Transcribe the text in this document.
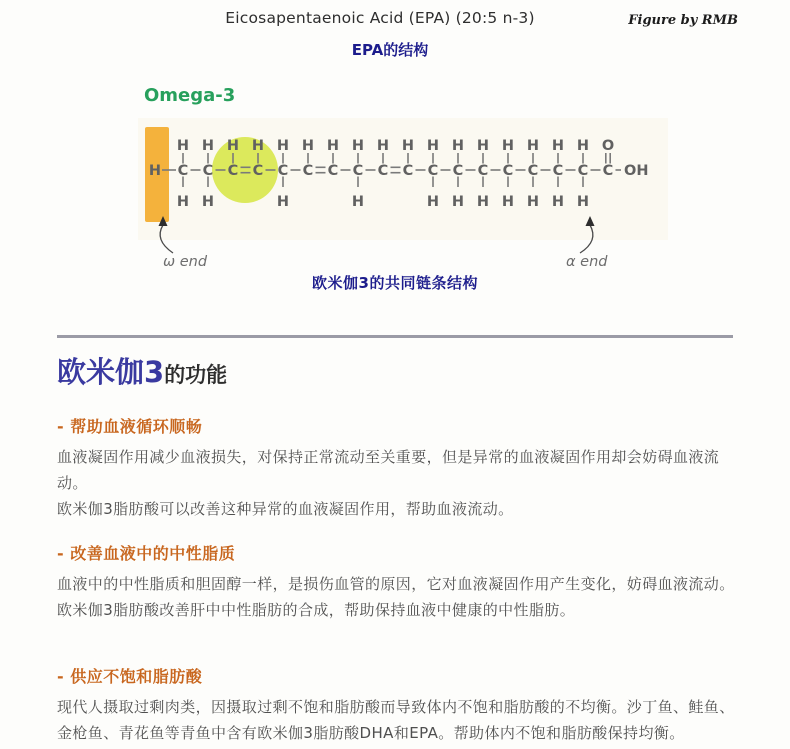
Eicosapentaenoic Acid (EPA) (20:5 n-3)	Figure by RMB
EPA的结构
Omega-3
H C
H
H
C
H
H
C
H
C
H
C
H
H
C
H
C
H
C
H
H
C
H
C
H
C
H
H
C
H
H
C
H
H
C
H
H
C
H
H
C
H
H
C
H
H
C
O
OH
ω end	α end
欧米伽3的共同链条结构
欧米伽3的功能
- 帮助血液循环顺畅
血液凝固作用减少血液损失，对保持正常流动至关重要，但是异常的血液凝固作用却会妨碍血液流动。
欧米伽3脂肪酸可以改善这种异常的血液凝固作用，帮助血液流动。
- 改善血液中的中性脂质
血液中的中性脂质和胆固醇一样，是损伤血管的原因，它对血液凝固作用产生变化，妨碍血液流动。
欧米伽3脂肪酸改善肝中中性脂肪的合成，帮助保持血液中健康的中性脂肪。
- 供应不饱和脂肪酸
现代人摄取过剩肉类，因摄取过剩不饱和脂肪酸而导致体内不饱和脂肪酸的不均衡。沙丁鱼、鲑鱼、
金枪鱼、青花鱼等青鱼中含有欧米伽3脂肪酸DHA和EPA。帮助体内不饱和脂肪酸保持均衡。
